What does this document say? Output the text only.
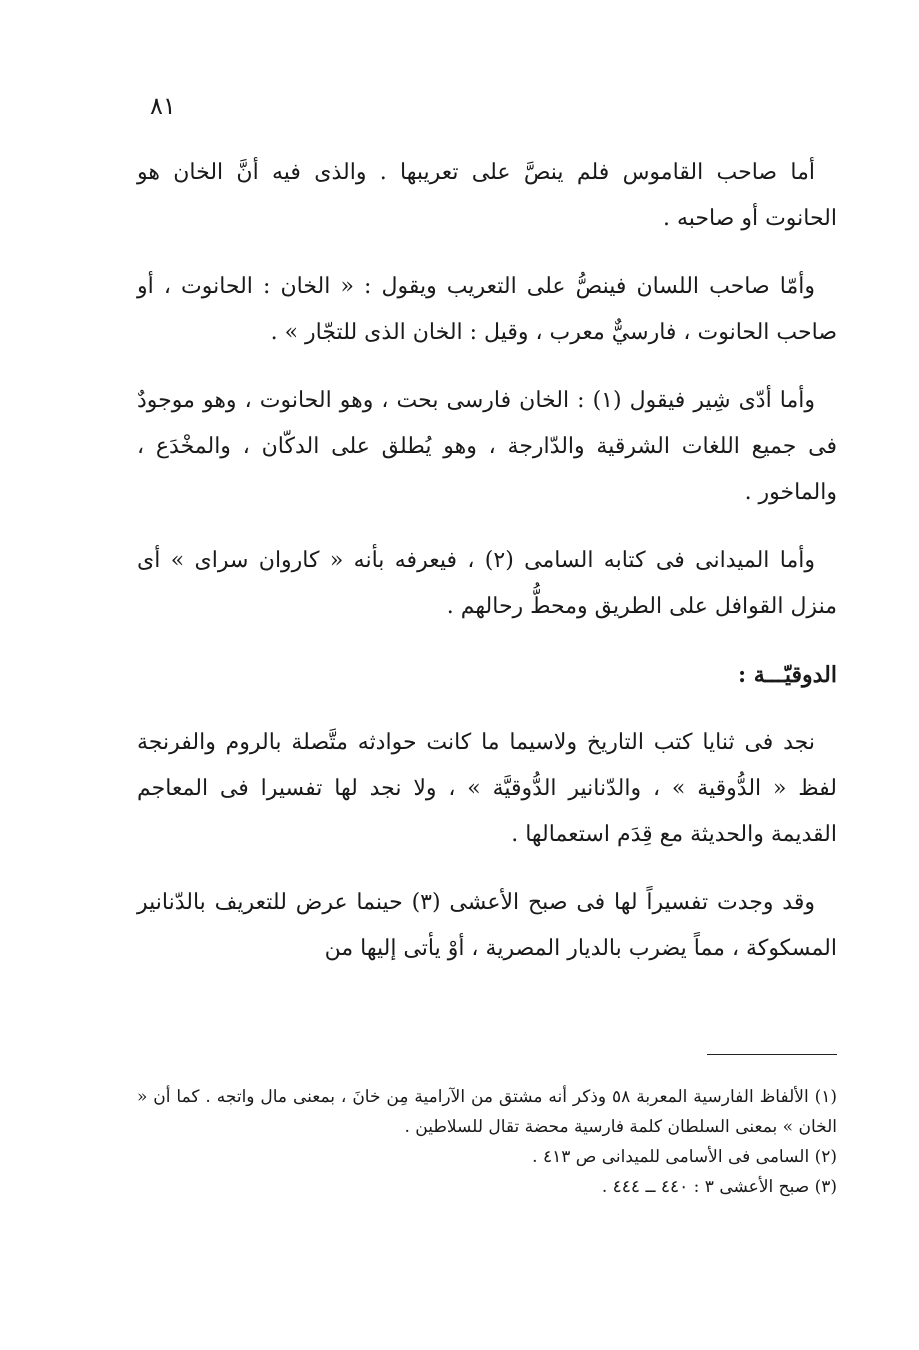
٨١

أما صاحب القاموس فلم ينصَّ على تعريبها . والذى فيه أنَّ الخان هو الحانوت أو صاحبه .

وأمّا صاحب اللسان فينصُّ على التعريب ويقول : « الخان : الحانوت ، أو صاحب الحانوت ، فارسيٌّ معرب ، وقيل : الخان الذى للتجّار » .

وأما أدّى شِير فيقول (١) : الخان فارسى بحت ، وهو الحانوت ، وهو موجودٌ فى جميع اللغات الشرقية والدّارجة ، وهو يُطلق على الدكّان ، والمخْدَع ، والماخور .

وأما الميدانى فى كتابه السامى (٢) ، فيعرفه بأنه « كاروان سراى » أى منزل القوافل على الطريق ومحطُّ رحالهم .

الدوقيّـــة :

نجد فى ثنايا كتب التاريخ ولاسيما ما كانت حوادثه متَّصلة بالروم والفرنجة لفظ « الدُّوقية » ، والدّنانير الدُّوقيَّة » ، ولا نجد لها تفسيرا فى المعاجم القديمة والحديثة مع قِدَم استعمالها .

وقد وجدت تفسيراً لها فى صبح الأعشى (٣) حينما عرض للتعريف بالدّنانير المسكوكة ، مماً يضرب بالديار المصرية ، أوْ يأتى إليها من

(١) الألفاظ الفارسية المعربة ٥٨ وذكر أنه مشتق من الآرامية مِن خانَ ، بمعنى مال واتجه . كما أن « الخان » بمعنى السلطان كلمة فارسية محضة تقال للسلاطين .

(٢) السامى فى الأسامى للميدانى ص ٤١٣ .

(٣) صبح الأعشى ٣ : ٤٤٠ ــ ٤٤٤ .
